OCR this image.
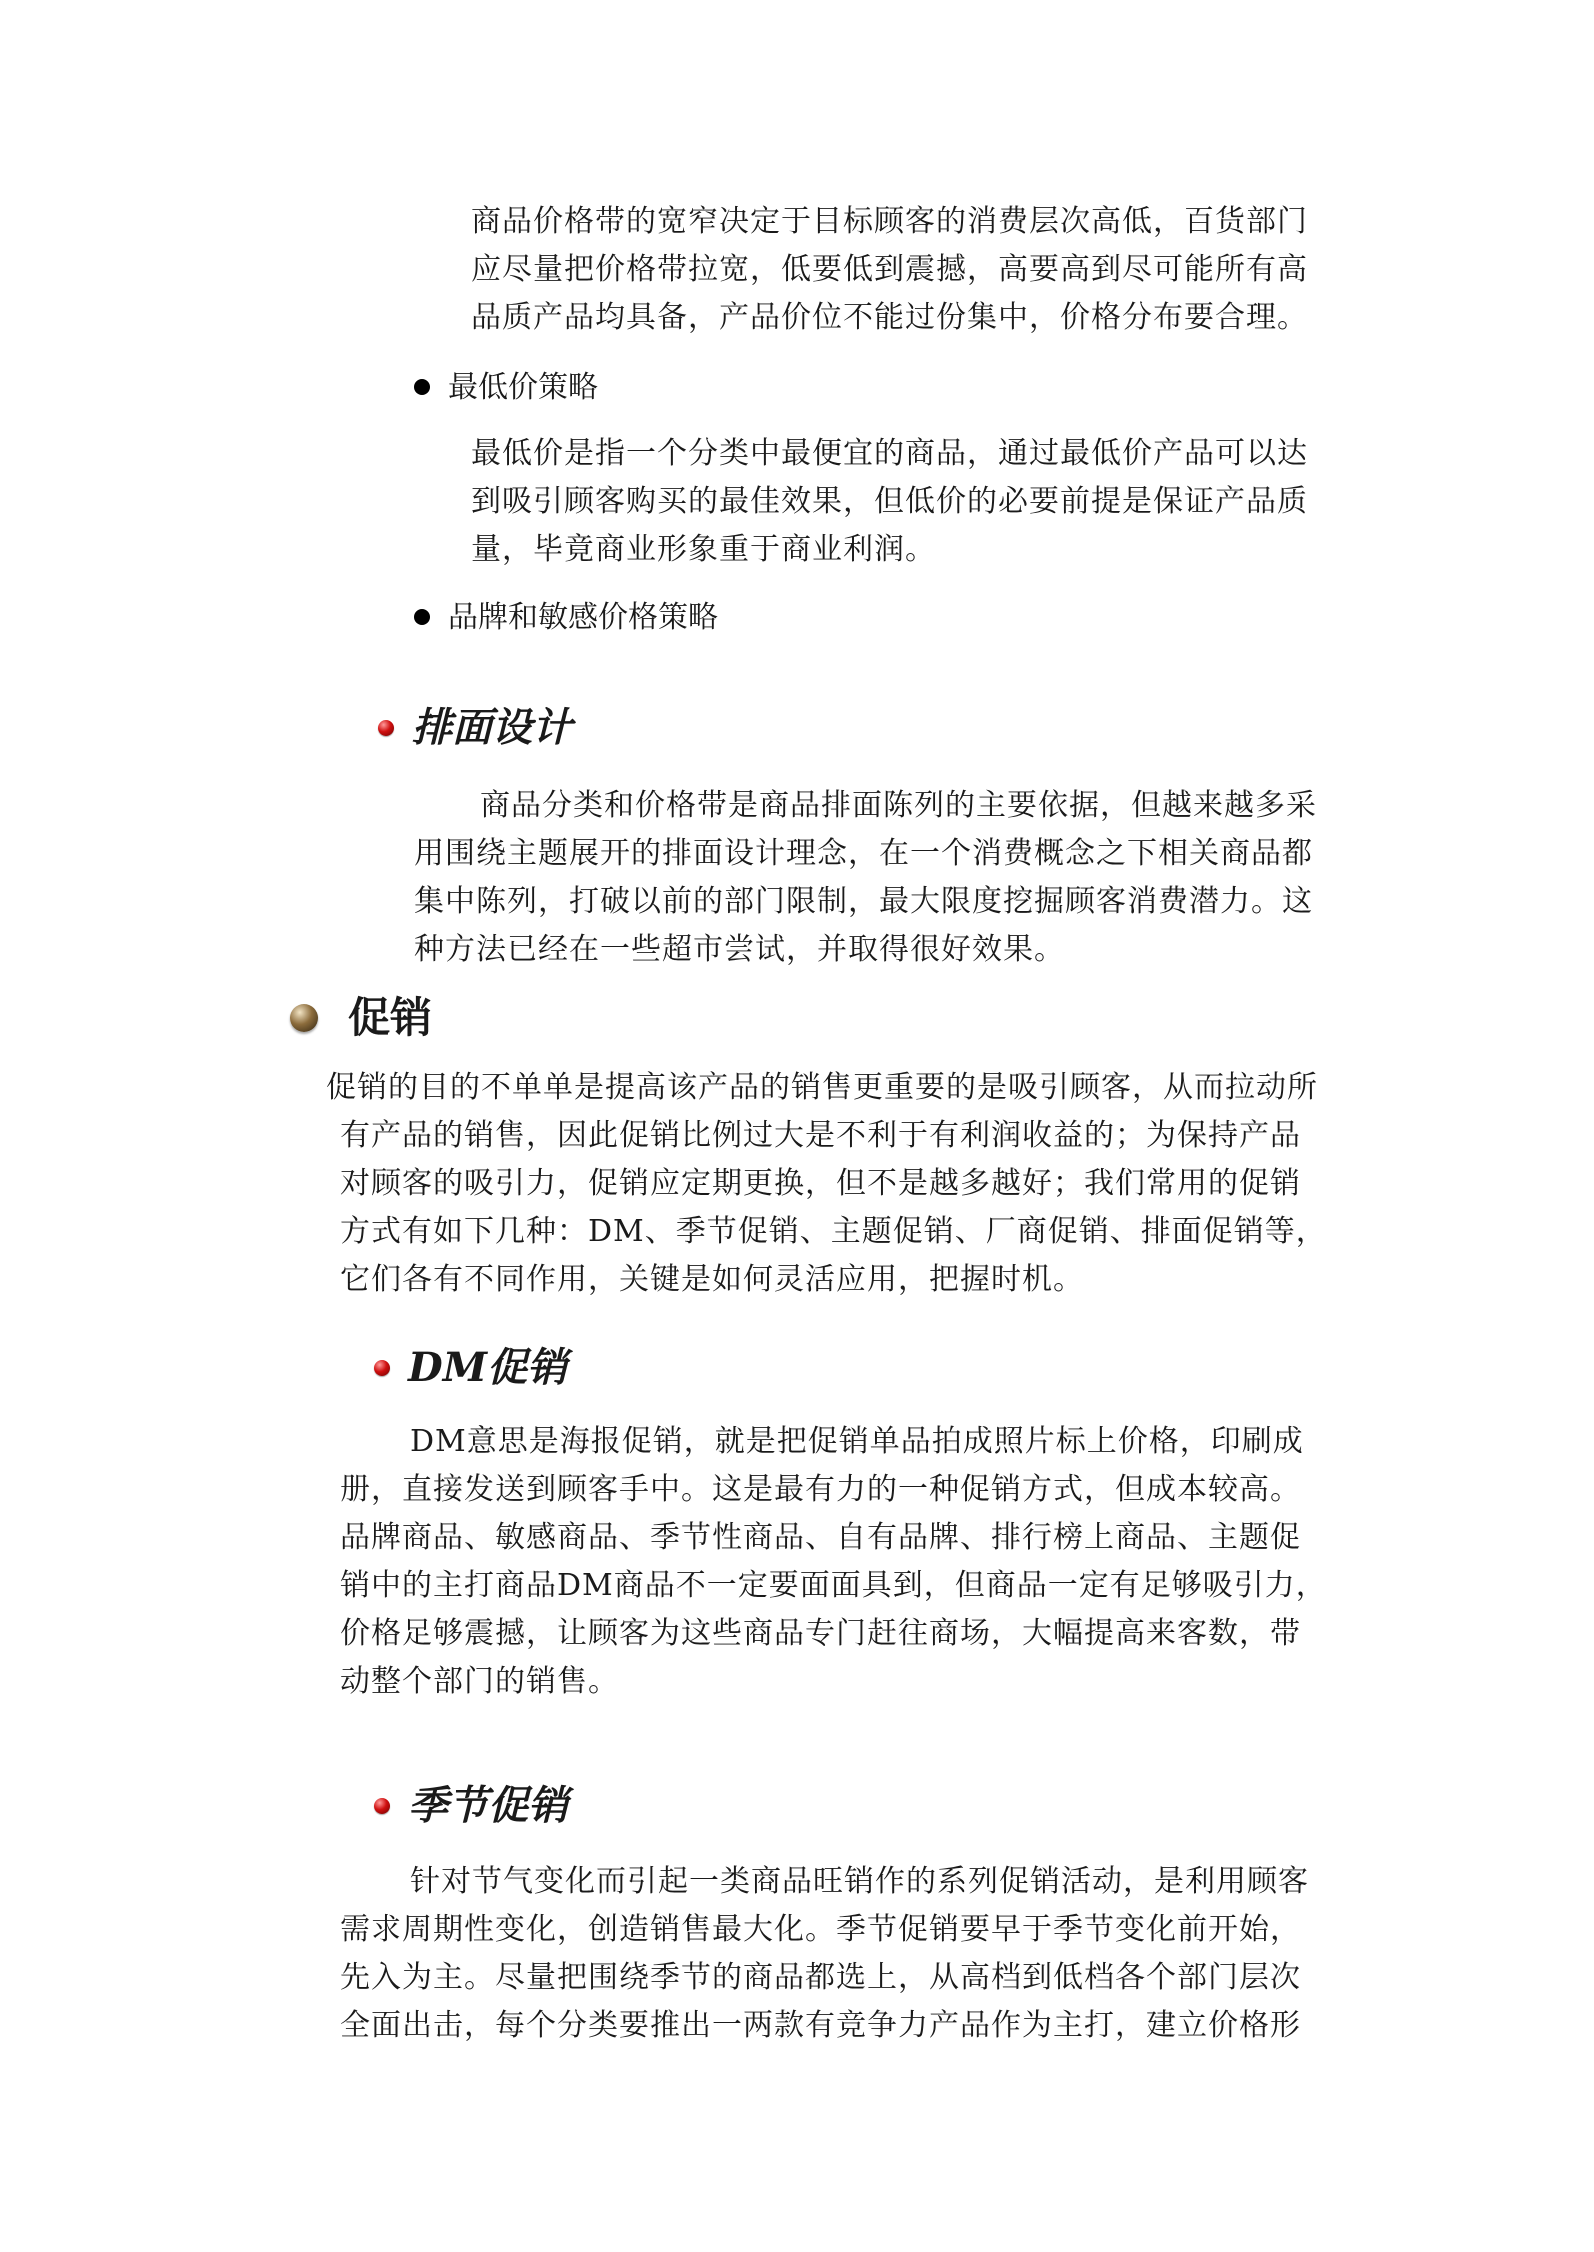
商品价格带的宽窄决定于目标顾客的消费层次高低，百货部门
应尽量把价格带拉宽，低要低到震撼，高要高到尽可能所有高
品质产品均具备，产品价位不能过份集中，价格分布要合理。
最低价策略
最低价是指一个分类中最便宜的商品，通过最低价产品可以达
到吸引顾客购买的最佳效果，但低价的必要前提是保证产品质
量，毕竟商业形象重于商业利润。
品牌和敏感价格策略
排面设计
商品分类和价格带是商品排面陈列的主要依据，但越来越多采
用围绕主题展开的排面设计理念，在一个消费概念之下相关商品都
集中陈列，打破以前的部门限制，最大限度挖掘顾客消费潜力。这
种方法已经在一些超市尝试，并取得很好效果。
促销
促销的目的不单单是提高该产品的销售更重要的是吸引顾客，从而拉动所
有产品的销售，因此促销比例过大是不利于有利润收益的；为保持产品
对顾客的吸引力，促销应定期更换，但不是越多越好；我们常用的促销
方式有如下几种：DM、季节促销、主题促销、厂商促销、排面促销等，
它们各有不同作用，关键是如何灵活应用，把握时机。
DM促销
DM意思是海报促销，就是把促销单品拍成照片标上价格，印刷成
册，直接发送到顾客手中。这是最有力的一种促销方式，但成本较高。
品牌商品、敏感商品、季节性商品、自有品牌、排行榜上商品、主题促
销中的主打商品DM商品不一定要面面具到，但商品一定有足够吸引力，
价格足够震撼，让顾客为这些商品专门赶往商场，大幅提高来客数，带
动整个部门的销售。
季节促销
针对节气变化而引起一类商品旺销作的系列促销活动，是利用顾客
需求周期性变化，创造销售最大化。季节促销要早于季节变化前开始，
先入为主。尽量把围绕季节的商品都选上，从高档到低档各个部门层次
全面出击，每个分类要推出一两款有竞争力产品作为主打，建立价格形
